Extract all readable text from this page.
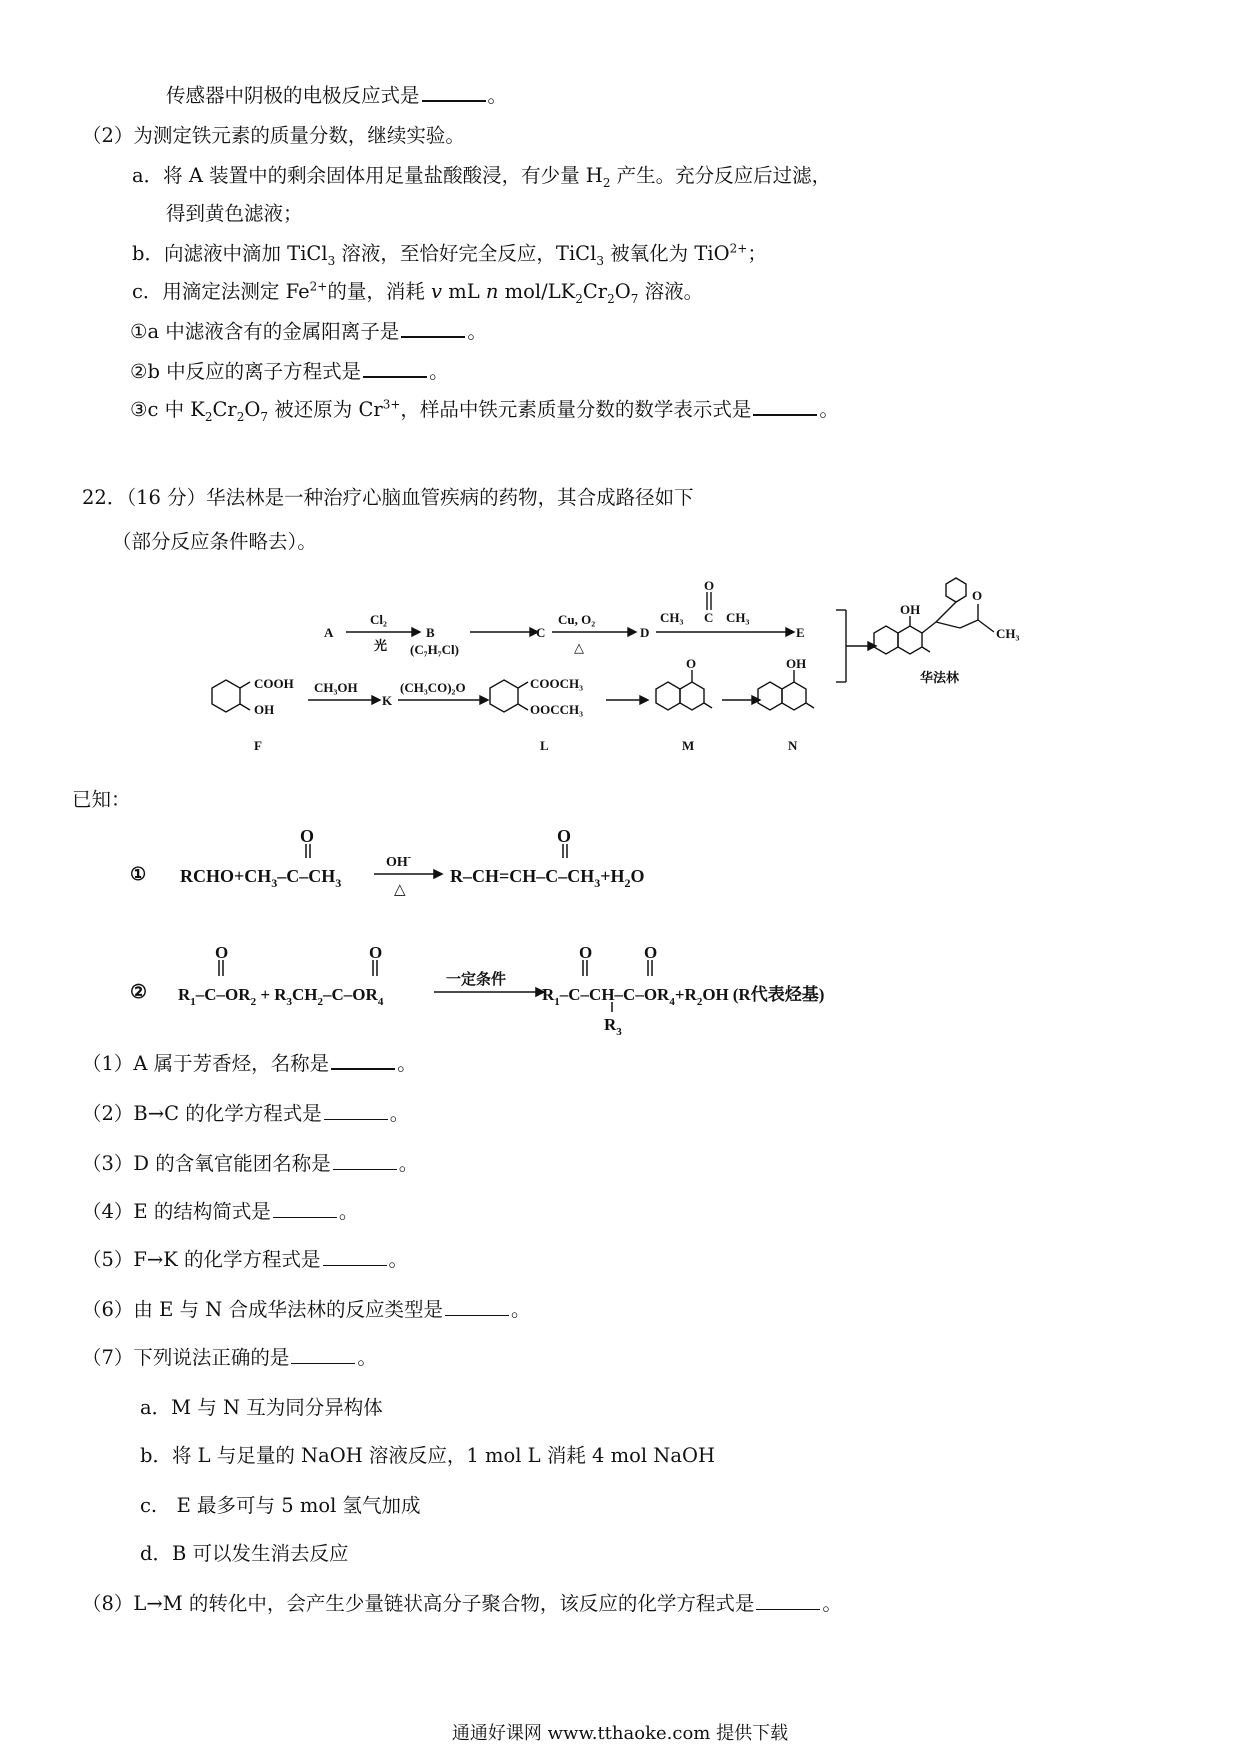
传感器中阴极的电极反应式是	。
（2）为测定铁元素的质量分数，继续实验。
a．将 A 装置中的剩余固体用足量盐酸酸浸，有少量 $H_2$ 产生。充分反应后过滤，
得到黄色滤液；
b．向滤液中滴加 TiCl$_3$ 溶液，至恰好完全反应，TiCl$_3$ 被氧化为 TiO$^{2+}$；
c．用滴定法测定 $Fe^{2+}$的量，消耗 v mL n mol/$LK_2Cr_2O_7$ 溶液。
①a 中滤液含有的金属阳离子是	。
②b 中反应的离子方程式是	。
③c 中 $K_2Cr_2O_7$ 被还原为 $Cr^{3+}$，样品中铁元素质量分数的数学表示式是	。
22．（16 分）华法林是一种治疗心脑血管疾病的药物，其合成路径如下
（部分反应条件略去）。
A
Cl₂
光
B
(C₇H₇Cl)
C
Cu, O₂
△
D
CH₃ C CH₃
O
E
COOH
OH
F
CH₃OH
K
(CH₃CO)₂O	COOCH₃
OOCCH₃
L
O
M
OH
N
OH
O
CH₃
华法林
已知：
① $RCHO+CH_3-C-CH_3$
O
OH-
△
$R-CH=CH-C-CH_3+H_2O$
O
② $R_1-C-OR_2 + R_3CH_2-C-OR_4$
O	O
一定条件
$R_1-C-CH-C-OR_4+R_2OH$ (R代表烃基)
O	O
$R_3$
（1）A 属于芳香烃，名称是	。
（2）B→C 的化学方程式是	。
（3）D 的含氧官能团名称是	。
（4）E 的结构简式是	。
（5）F→K 的化学方程式是	。
（6）由 E 与 N 合成华法林的反应类型是	。
（7）下列说法正确的是	。
a．M 与 N 互为同分异构体
b．将 L 与足量的 NaOH 溶液反应，1 mol L 消耗 4 mol NaOH
c.　E 最多可与 5 mol 氢气加成
d．B 可以发生消去反应
（8）L→M 的转化中，会产生少量链状高分子聚合物，该反应的化学方程式是	。
通通好课网 www.tthaoke.com 提供下载
